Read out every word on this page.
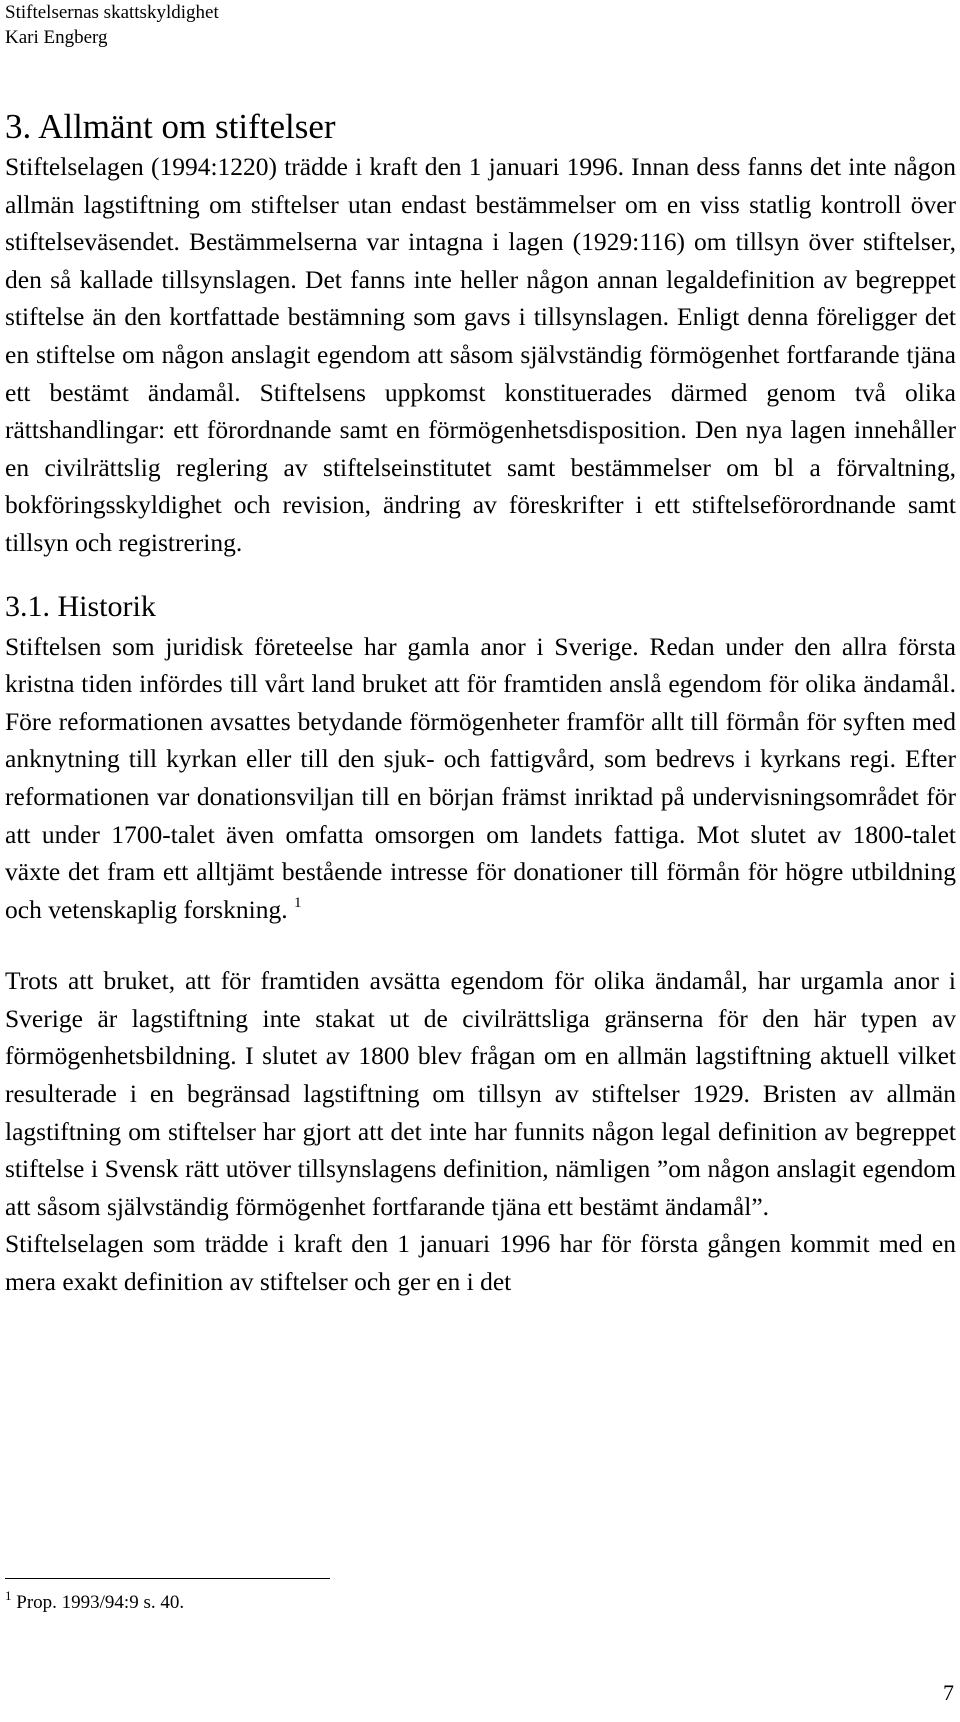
Stiftelsernas skattskyldighet
Kari Engberg
3. Allmänt om stiftelser

Stiftelselagen (1994:1220) trädde i kraft den 1 januari 1996. Innan dess fanns det inte någon allmän lagstiftning om stiftelser utan endast bestämmelser om en viss statlig kontroll över stiftelseväsendet. Bestämmelserna var intagna i lagen (1929:116) om tillsyn över stiftelser, den så kallade tillsynslagen. Det fanns inte heller någon annan legaldefinition av begreppet stiftelse än den kortfattade bestämning som gavs i tillsynslagen. Enligt denna föreligger det en stiftelse om någon anslagit egendom att såsom självständig förmögenhet fortfarande tjäna ett bestämt ändamål. Stiftelsens uppkomst konstituerades därmed genom två olika rättshandlingar: ett förordnande samt en förmögenhetsdisposition. Den nya lagen innehåller en civilrättslig reglering av stiftelseinstitutet samt bestämmelser om bl a förvaltning, bokföringsskyldighet och revision, ändring av föreskrifter i ett stiftelseförordnande samt tillsyn och registrering.

3.1. Historik

Stiftelsen som juridisk företeelse har gamla anor i Sverige. Redan under den allra första kristna tiden infördes till vårt land bruket att för framtiden anslå egendom för olika ändamål. Före reformationen avsattes betydande förmögenheter framför allt till förmån för syften med anknytning till kyrkan eller till den sjuk- och fattigvård, som bedrevs i kyrkans regi. Efter reformationen var donationsviljan till en början främst inriktad på undervisningsområdet för att under 1700-talet även omfatta omsorgen om landets fattiga. Mot slutet av 1800-talet växte det fram ett alltjämt bestående intresse för donationer till förmån för högre utbildning och vetenskaplig forskning. $^1$

Trots att bruket, att för framtiden avsätta egendom för olika ändamål, har urgamla anor i Sverige är lagstiftning inte stakat ut de civilrättsliga gränserna för den här typen av förmögenhetsbildning. I slutet av 1800 blev frågan om en allmän lagstiftning aktuell vilket resulterade i en begränsad lagstiftning om tillsyn av stiftelser 1929. Bristen av allmän lagstiftning om stiftelser har gjort att det inte har funnits någon legal definition av begreppet stiftelse i Svensk rätt utöver tillsynslagens definition, nämligen ”om någon anslagit egendom att såsom självständig förmögenhet fortfarande tjäna ett bestämt ändamål”.

Stiftelselagen som trädde i kraft den 1 januari 1996 har för första gången kommit med en mera exakt definition av stiftelser och ger en i det

$^1$ Prop. 1993/94:9 s. 40.
7
